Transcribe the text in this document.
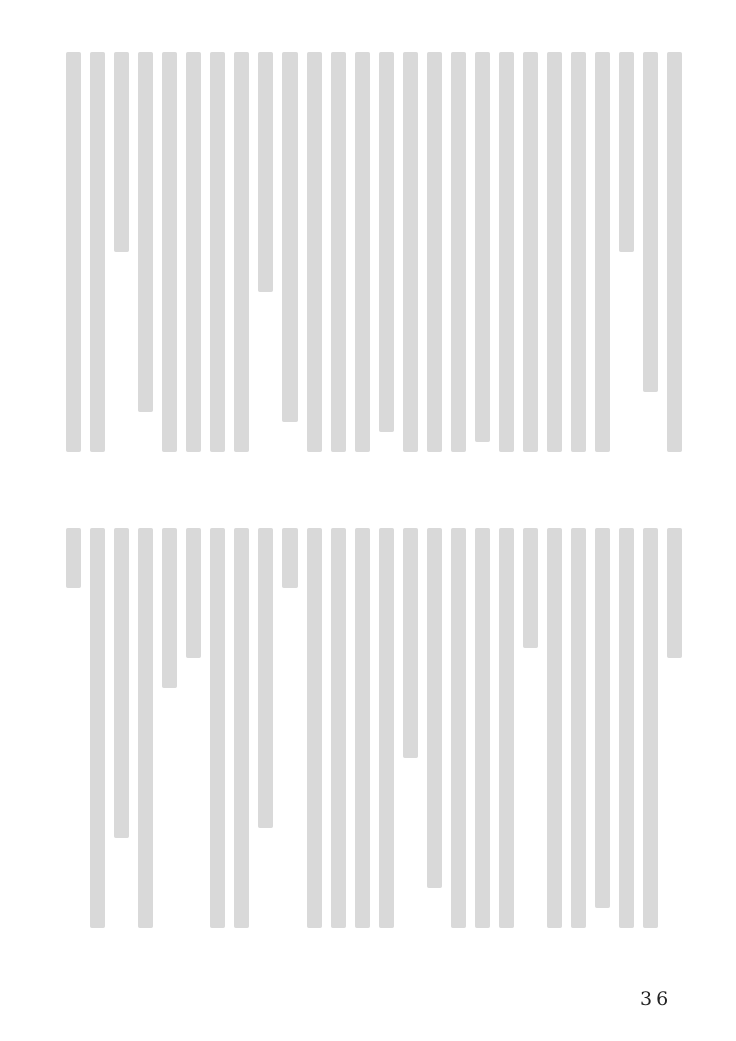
36
